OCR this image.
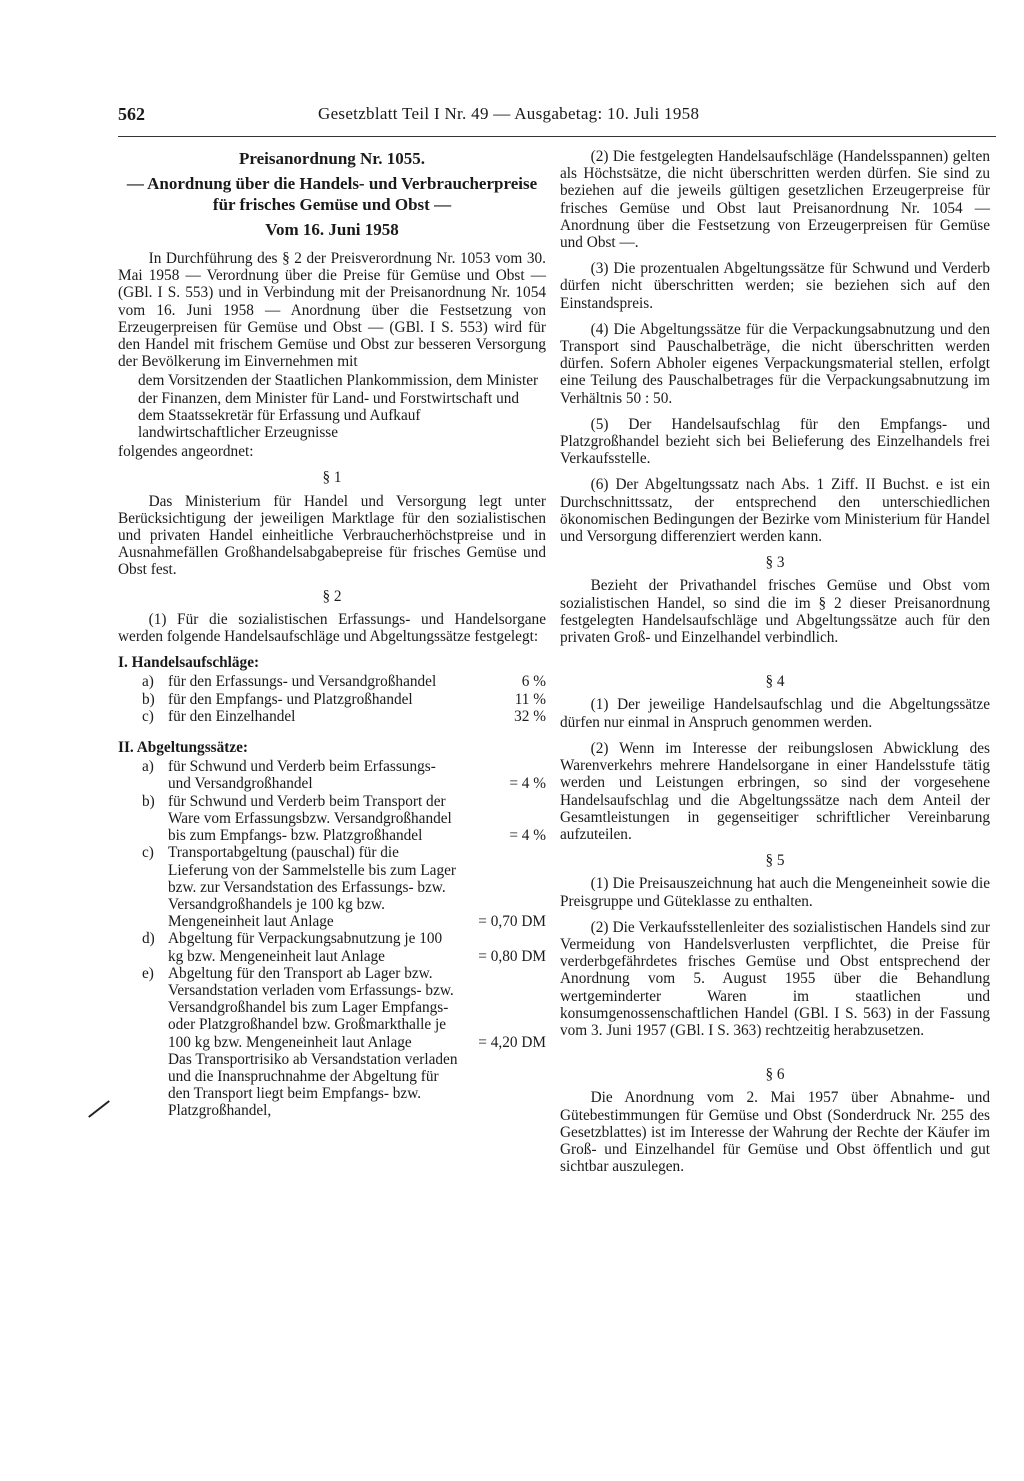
562	Gesetzblatt Teil I Nr. 49 — Ausgabetag: 10. Juli 1958
Preisanordnung Nr. 1055.
— Anordnung über die Handels- und Verbraucherpreise für frisches Gemüse und Obst —
Vom 16. Juni 1958

In Durchführung des § 2 der Preisverordnung Nr. 1053 vom 30. Mai 1958 — Verordnung über die Preise für Gemüse und Obst — (GBl. I S. 553) und in Verbindung mit der Preisanordnung Nr. 1054 vom 16. Juni 1958 — Anordnung über die Festsetzung von Erzeugerpreisen für Gemüse und Obst — (GBl. I S. 553) wird für den Handel mit frischem Gemüse und Obst zur besseren Versorgung der Bevölkerung im Einvernehmen mit

dem Vorsitzenden der Staatlichen Plankommission, dem Minister der Finanzen, dem Minister für Land- und Forstwirtschaft und dem Staatssekretär für Erfassung und Aufkauf landwirtschaftlicher Erzeugnisse

folgendes angeordnet:

§ 1

Das Ministerium für Handel und Versorgung legt unter Berücksichtigung der jeweiligen Marktlage für den sozialistischen und privaten Handel einheitliche Verbraucherhöchstpreise und in Ausnahmefällen Großhandelsabgabepreise für frisches Gemüse und Obst fest.

§ 2

(1) Für die sozialistischen Erfassungs- und Handelsorgane werden folgende Handelsaufschläge und Abgeltungssätze festgelegt:

I. Handelsaufschläge:
a) für den Erfassungs- und Versandgroßhandel	6 %
b) für den Empfangs- und Platzgroßhandel	11 %
c) für den Einzelhandel	32 %
II. Abgeltungssätze:
a) für Schwund und Verderb beim Erfassungs- und Versandgroßhandel	= 4 %
b) für Schwund und Verderb beim Transport der Ware vom Erfassungsbzw. Versandgroßhandel bis zum Empfangs- bzw. Platzgroßhandel	= 4 %
c) Transportabgeltung (pauschal) für die Lieferung von der Sammelstelle bis zum Lager bzw. zur Versandstation des Erfassungs- bzw. Versandgroßhandels je 100 kg bzw. Mengeneinheit laut Anlage	= 0,70 DM
d) Abgeltung für Verpackungsabnutzung je 100 kg bzw. Mengeneinheit laut Anlage	= 0,80 DM
e) Abgeltung für den Transport ab Lager bzw. Versandstation verladen vom Erfassungs- bzw. Versandgroßhandel bis zum Lager Empfangs- oder Platzgroßhandel bzw. Großmarkthalle je 100 kg bzw. Mengeneinheit laut Anlage	= 4,20 DM
Das Transportrisiko ab Versandstation verladen und die Inanspruchnahme der Abgeltung für den Transport liegt beim Empfangs- bzw. Platzgroßhandel,

(2) Die festgelegten Handelsaufschläge (Handelsspannen) gelten als Höchstsätze, die nicht überschritten werden dürfen. Sie sind zu beziehen auf die jeweils gültigen gesetzlichen Erzeugerpreise für frisches Gemüse und Obst laut Preisanordnung Nr. 1054 — Anordnung über die Festsetzung von Erzeugerpreisen für Gemüse und Obst —.

(3) Die prozentualen Abgeltungssätze für Schwund und Verderb dürfen nicht überschritten werden; sie beziehen sich auf den Einstandspreis.

(4) Die Abgeltungssätze für die Verpackungsabnutzung und den Transport sind Pauschalbeträge, die nicht überschritten werden dürfen. Sofern Abholer eigenes Verpackungsmaterial stellen, erfolgt eine Teilung des Pauschalbetrages für die Verpackungsabnutzung im Verhältnis 50 : 50.

(5) Der Handelsaufschlag für den Empfangs- und Platzgroßhandel bezieht sich bei Belieferung des Einzelhandels frei Verkaufsstelle.

(6) Der Abgeltungssatz nach Abs. 1 Ziff. II Buchst. e ist ein Durchschnittssatz, der entsprechend den unterschiedlichen ökonomischen Bedingungen der Bezirke vom Ministerium für Handel und Versorgung differenziert werden kann.

§ 3

Bezieht der Privathandel frisches Gemüse und Obst vom sozialistischen Handel, so sind die im § 2 dieser Preisanordnung festgelegten Handelsaufschläge und Abgeltungssätze auch für den privaten Groß- und Einzelhandel verbindlich.

§ 4

(1) Der jeweilige Handelsaufschlag und die Abgeltungssätze dürfen nur einmal in Anspruch genommen werden.

(2) Wenn im Interesse der reibungslosen Abwicklung des Warenverkehrs mehrere Handelsorgane in einer Handelsstufe tätig werden und Leistungen erbringen, so sind der vorgesehene Handelsaufschlag und die Abgeltungssätze nach dem Anteil der Gesamtleistungen in gegenseitiger schriftlicher Vereinbarung aufzuteilen.

§ 5

(1) Die Preisauszeichnung hat auch die Mengeneinheit sowie die Preisgruppe und Güteklasse zu enthalten.

(2) Die Verkaufsstellenleiter des sozialistischen Handels sind zur Vermeidung von Handelsverlusten verpflichtet, die Preise für verderbgefährdetes frisches Gemüse und Obst entsprechend der Anordnung vom 5. August 1955 über die Behandlung wertgeminderter Waren im staatlichen und konsumgenossenschaftlichen Handel (GBl. I S. 563) in der Fassung vom 3. Juni 1957 (GBl. I S. 363) rechtzeitig herabzusetzen.

§ 6

Die Anordnung vom 2. Mai 1957 über Abnahme- und Gütebestimmungen für Gemüse und Obst (Sonderdruck Nr. 255 des Gesetzblattes) ist im Interesse der Wahrung der Rechte der Käufer im Groß- und Einzelhandel für Gemüse und Obst öffentlich und gut sichtbar auszulegen.
